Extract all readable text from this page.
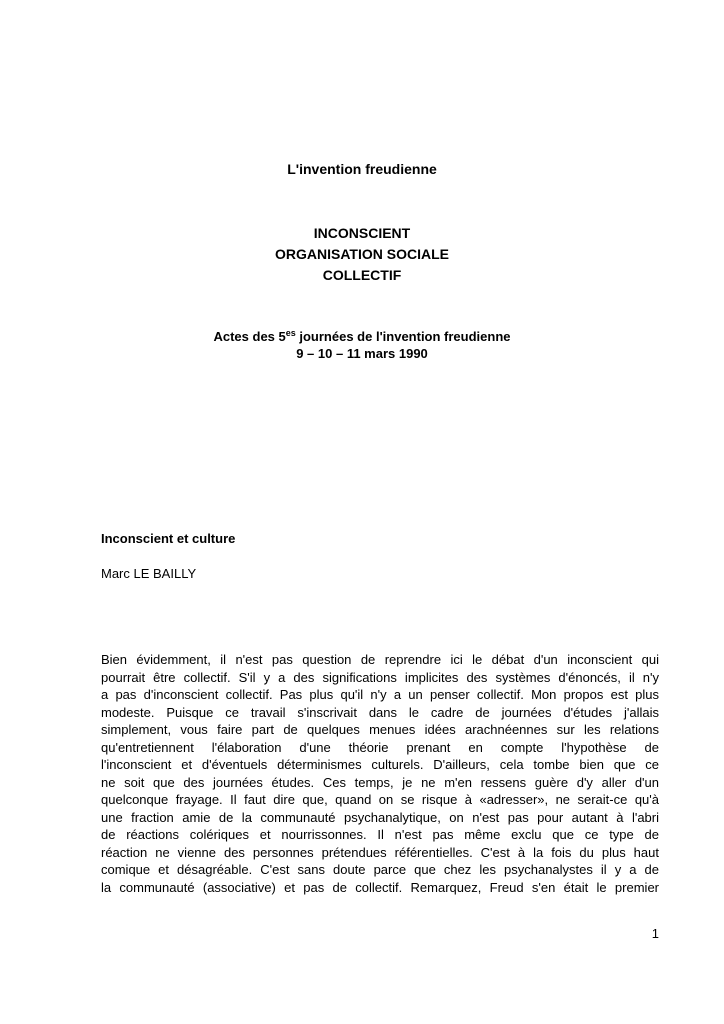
L'invention freudienne
INCONSCIENT
ORGANISATION SOCIALE
COLLECTIF
Actes des $5^{es}$ journées de l'invention freudienne
9 – 10 – 11 mars 1990
Inconscient et culture
Marc LE BAILLY
Bien évidemment, il n'est pas question de reprendre ici le débat d'un inconscient qui
pourrait être collectif. S'il y a des significations implicites des systèmes d'énoncés, il n'y
a pas d'inconscient collectif. Pas plus qu'il n'y a un penser collectif. Mon propos est plus
modeste. Puisque ce travail s'inscrivait dans le cadre de journées d'études j'allais
simplement, vous faire part de quelques menues idées arachnéennes sur les relations
qu'entretiennent l'élaboration d'une théorie prenant en compte l'hypothèse de
l'inconscient et d'éventuels déterminismes culturels. D'ailleurs, cela tombe bien que ce
ne soit que des journées études. Ces temps, je ne m'en ressens guère d'y aller d'un
quelconque frayage. Il faut dire que, quand on se risque à «adresser», ne serait-ce qu'à
une fraction amie de la communauté psychanalytique, on n'est pas pour autant à l'abri
de réactions colériques et nourrissonnes. Il n'est pas même exclu que ce type de
réaction ne vienne des personnes prétendues référentielles. C'est à la fois du plus haut
comique et désagréable. C'est sans doute parce que chez les psychanalystes il y a de
la communauté (associative) et pas de collectif. Remarquez, Freud s'en était le premier
1
